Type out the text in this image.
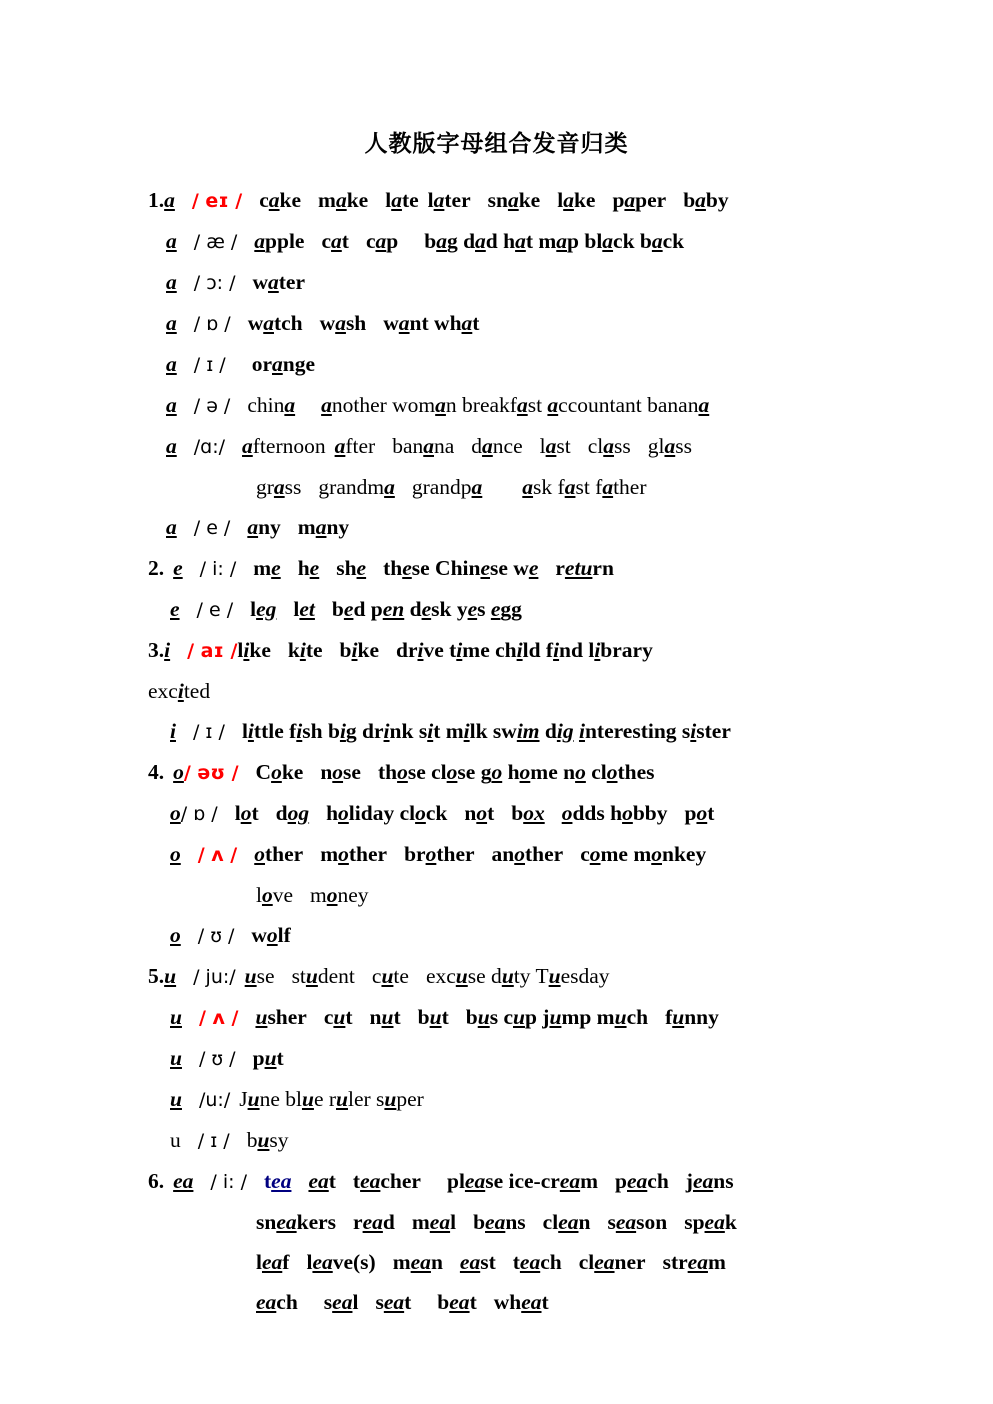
人教版字母组合发音归类
1.a / eɪ / cake make late later snake lake paper baby
a / æ / apple cat cap bag dad hat map black back
a / ɔ: / water
a / ɒ / watch wash want what
a / ɪ / orange
a / ə / china another woman breakfast accountant banana
a /ɑ:/ afternoon after banana dance last class glass
grass grandma grandpa ask fast father
a / e / any many
2. e / i: / me he she these Chinese we return
e / e / leg let bed pen desk yes egg
3.i / aɪ /like kite bike drive time child find library
excited
i / ɪ / little fish big drink sit milk swim dig interesting sister
4. o/ əʊ / Coke nose those close go home no clothes
o/ ɒ / lot dog holiday clock not box odds hobby pot
o / ʌ / other mother brother another come monkey
love money
o / ʊ / wolf
5.u / ju:/ use student cute excuse duty Tuesday
u / ʌ / usher cut nut but bus cup jump much funny
u / ʊ / put
u /u:/ June blue ruler super
u / ɪ / busy
6. ea / i: / tea eat teacher please ice-cream peach jeans
sneakers read meal beans clean season speak
leaf leave(s) mean east teach cleaner stream
each seal seat beat wheat
